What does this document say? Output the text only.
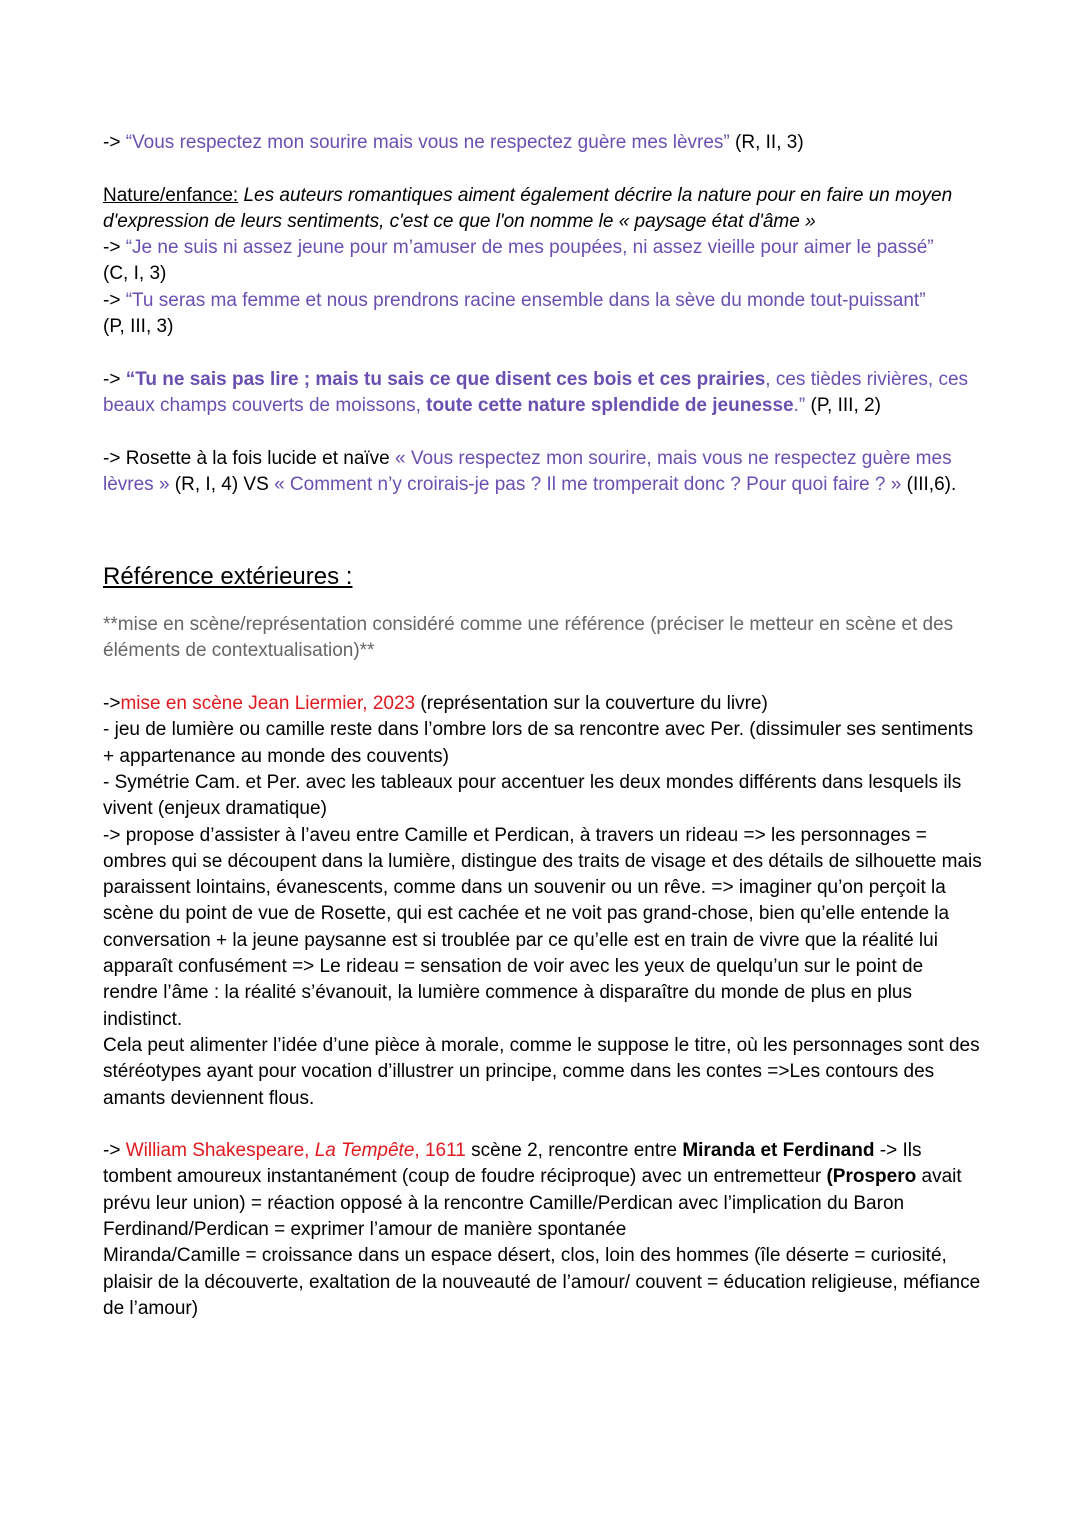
-> “Vous respectez mon sourire mais vous ne respectez guère mes lèvres” (R, II, 3)

Nature/enfance: Les auteurs romantiques aiment également décrire la nature pour en faire un moyen d'expression de leurs sentiments, c'est ce que l'on nomme le « paysage état d'âme »

-> “Je ne suis ni assez jeune pour m’amuser de mes poupées, ni assez vieille pour aimer le passé”
(C, I, 3)

-> “Tu seras ma femme et nous prendrons racine ensemble dans la sève du monde tout-puissant”
(P, III, 3)

-> “Tu ne sais pas lire ; mais tu sais ce que disent ces bois et ces prairies, ces tièdes rivières, ces beaux champs couverts de moissons, toute cette nature splendide de jeunesse.” (P, III, 2)

-> Rosette à la fois lucide et naïve « Vous respectez mon sourire, mais vous ne respectez guère mes lèvres » (R, I, 4) VS « Comment n’y croirais-je pas ? Il me tromperait donc ? Pour quoi faire ? » (III,6).

Référence extérieures :

**mise en scène/représentation considéré comme une référence (préciser le metteur en scène et des éléments de contextualisation)**

->mise en scène Jean Liermier, 2023 (représentation sur la couverture du livre)

- jeu de lumière ou camille reste dans l’ombre lors de sa rencontre avec Per. (dissimuler ses sentiments + appartenance au monde des couvents)

- Symétrie Cam. et Per. avec les tableaux pour accentuer les deux mondes différents dans lesquels ils vivent (enjeux dramatique)

-> propose d’assister à l’aveu entre Camille et Perdican, à travers un rideau => les personnages = ombres qui se découpent dans la lumière, distingue des traits de visage et des détails de silhouette mais paraissent lointains, évanescents, comme dans un souvenir ou un rêve. => imaginer qu’on perçoit la scène du point de vue de Rosette, qui est cachée et ne voit pas grand-chose, bien qu’elle entende la conversation + la jeune paysanne est si troublée par ce qu’elle est en train de vivre que la réalité lui apparaît confusément => Le rideau = sensation de voir avec les yeux de quelqu’un sur le point de rendre l’âme : la réalité s’évanouit, la lumière commence à disparaître du monde de plus en plus indistinct.

Cela peut alimenter l’idée d’une pièce à morale, comme le suppose le titre, où les personnages sont des stéréotypes ayant pour vocation d’illustrer un principe, comme dans les contes =>Les contours des amants deviennent flous.

-> William Shakespeare, La Tempête, 1611 scène 2, rencontre entre Miranda et Ferdinand -> Ils tombent amoureux instantanément (coup de foudre réciproque) avec un entremetteur (Prospero avait prévu leur union) = réaction opposé à la rencontre Camille/Perdican avec l’implication du Baron

Ferdinand/Perdican = exprimer l’amour de manière spontanée

Miranda/Camille = croissance dans un espace désert, clos, loin des hommes (île déserte = curiosité, plaisir de la découverte, exaltation de la nouveauté de l’amour/ couvent = éducation religieuse, méfiance de l’amour)
